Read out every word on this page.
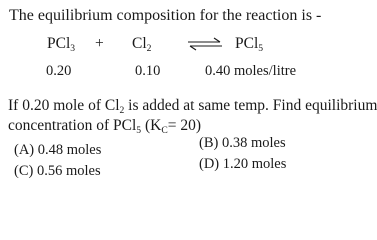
The equilibrium composition for the reaction is -
$PCl_3 + Cl_2$ ⇌ PCl$_5$
0.20	0.10	0.40 moles/litre
If 0.20 mole of $Cl_2$ is added at same temp. Find equilibrium
concentration of PCl$_5$ $(K_C= 20)$
(A) 0.48 moles	(B) 0.38 moles
(C) 0.56 moles	(D) 1.20 moles
